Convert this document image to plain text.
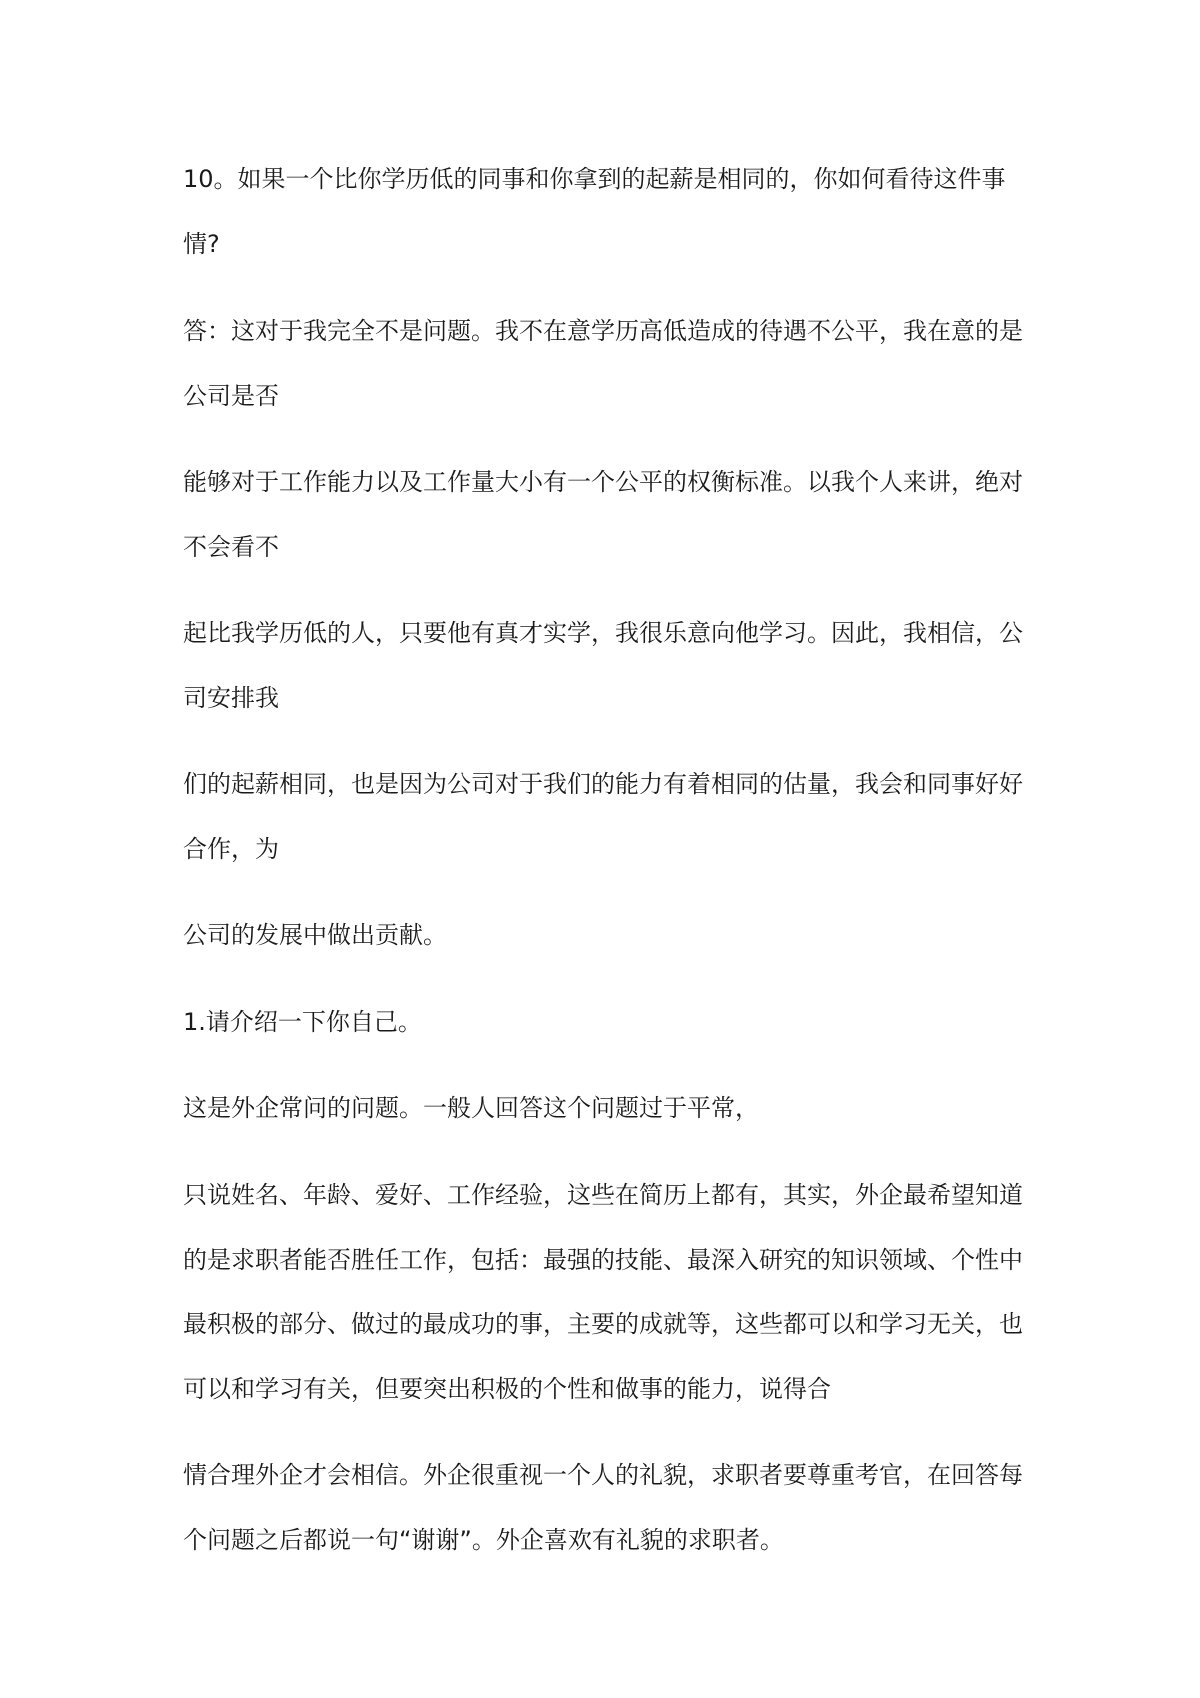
10。如果一个比你学历低的同事和你拿到的起薪是相同的，你如何看待这件事
情?
答：这对于我完全不是问题。我不在意学历高低造成的待遇不公平，我在意的是
公司是否
能够对于工作能力以及工作量大小有一个公平的权衡标准。以我个人来讲，绝对
不会看不
起比我学历低的人，只要他有真才实学，我很乐意向他学习。因此，我相信，公
司安排我
们的起薪相同，也是因为公司对于我们的能力有着相同的估量，我会和同事好好
合作，为
公司的发展中做出贡献。
1.请介绍一下你自己。
这是外企常问的问题。一般人回答这个问题过于平常，
只说姓名、年龄、爱好、工作经验，这些在简历上都有，其实，外企最希望知道
的是求职者能否胜任工作，包括：最强的技能、最深入研究的知识领域、个性中
最积极的部分、做过的最成功的事，主要的成就等，这些都可以和学习无关，也
可以和学习有关，但要突出积极的个性和做事的能力，说得合
情合理外企才会相信。外企很重视一个人的礼貌，求职者要尊重考官，在回答每
个问题之后都说一句“谢谢”。外企喜欢有礼貌的求职者。
